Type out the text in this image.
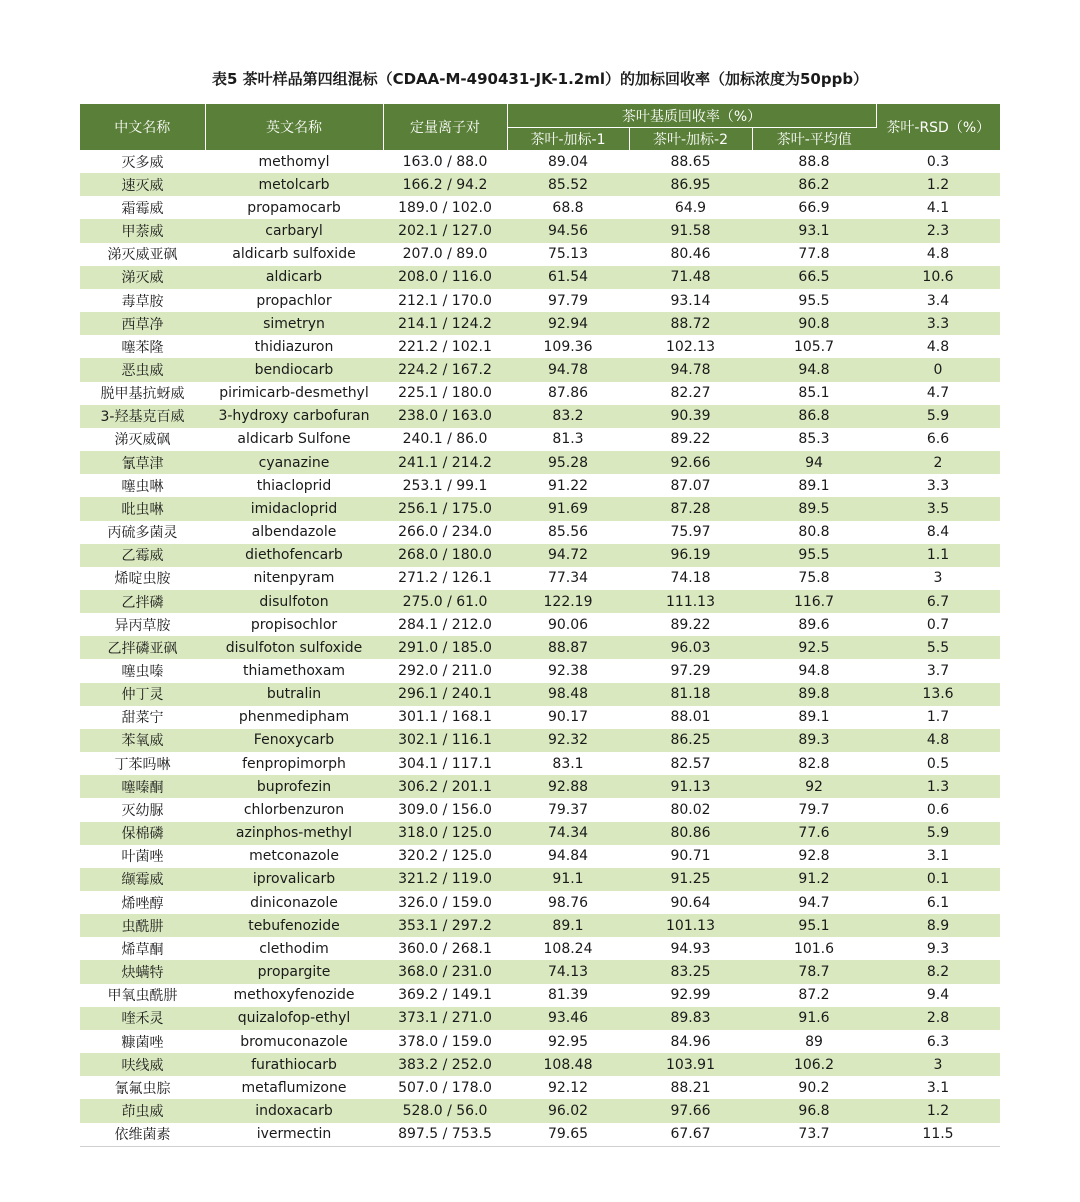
表5 茶叶样品第四组混标（CDAA-M-490431-JK-1.2ml）的加标回收率（加标浓度为50ppb）
中文名称	英文名称	定量离子对	茶叶基质回收率（%）			茶叶-RSD（%）
			茶叶-加标-1	茶叶-加标-2	茶叶-平均值	
灭多威	methomyl	163.0 / 88.0	89.04	88.65	88.8	0.3
速灭威	metolcarb	166.2 / 94.2	85.52	86.95	86.2	1.2
霜霉威	propamocarb	189.0 / 102.0	68.8	64.9	66.9	4.1
甲萘威	carbaryl	202.1 / 127.0	94.56	91.58	93.1	2.3
涕灭威亚砜	aldicarb sulfoxide	207.0 / 89.0	75.13	80.46	77.8	4.8
涕灭威	aldicarb	208.0 / 116.0	61.54	71.48	66.5	10.6
毒草胺	propachlor	212.1 / 170.0	97.79	93.14	95.5	3.4
西草净	simetryn	214.1 / 124.2	92.94	88.72	90.8	3.3
噻苯隆	thidiazuron	221.2 / 102.1	109.36	102.13	105.7	4.8
恶虫威	bendiocarb	224.2 / 167.2	94.78	94.78	94.8	0
脱甲基抗蚜威	pirimicarb-desmethyl	225.1 / 180.0	87.86	82.27	85.1	4.7
3-羟基克百威	3-hydroxy carbofuran	238.0 / 163.0	83.2	90.39	86.8	5.9
涕灭威砜	aldicarb Sulfone	240.1 / 86.0	81.3	89.22	85.3	6.6
氰草津	cyanazine	241.1 / 214.2	95.28	92.66	94	2
噻虫啉	thiacloprid	253.1 / 99.1	91.22	87.07	89.1	3.3
吡虫啉	imidacloprid	256.1 / 175.0	91.69	87.28	89.5	3.5
丙硫多菌灵	albendazole	266.0 / 234.0	85.56	75.97	80.8	8.4
乙霉威	diethofencarb	268.0 / 180.0	94.72	96.19	95.5	1.1
烯啶虫胺	nitenpyram	271.2 / 126.1	77.34	74.18	75.8	3
乙拌磷	disulfoton	275.0 / 61.0	122.19	111.13	116.7	6.7
异丙草胺	propisochlor	284.1 / 212.0	90.06	89.22	89.6	0.7
乙拌磷亚砜	disulfoton sulfoxide	291.0 / 185.0	88.87	96.03	92.5	5.5
噻虫嗪	thiamethoxam	292.0 / 211.0	92.38	97.29	94.8	3.7
仲丁灵	butralin	296.1 / 240.1	98.48	81.18	89.8	13.6
甜菜宁	phenmedipham	301.1 / 168.1	90.17	88.01	89.1	1.7
苯氧威	Fenoxycarb	302.1 / 116.1	92.32	86.25	89.3	4.8
丁苯吗啉	fenpropimorph	304.1 / 117.1	83.1	82.57	82.8	0.5
噻嗪酮	buprofezin	306.2 / 201.1	92.88	91.13	92	1.3
灭幼脲	chlorbenzuron	309.0 / 156.0	79.37	80.02	79.7	0.6
保棉磷	azinphos-methyl	318.0 / 125.0	74.34	80.86	77.6	5.9
叶菌唑	metconazole	320.2 / 125.0	94.84	90.71	92.8	3.1
缬霉威	iprovalicarb	321.2 / 119.0	91.1	91.25	91.2	0.1
烯唑醇	diniconazole	326.0 / 159.0	98.76	90.64	94.7	6.1
虫酰肼	tebufenozide	353.1 / 297.2	89.1	101.13	95.1	8.9
烯草酮	clethodim	360.0 / 268.1	108.24	94.93	101.6	9.3
炔螨特	propargite	368.0 / 231.0	74.13	83.25	78.7	8.2
甲氧虫酰肼	methoxyfenozide	369.2 / 149.1	81.39	92.99	87.2	9.4
喹禾灵	quizalofop-ethyl	373.1 / 271.0	93.46	89.83	91.6	2.8
糠菌唑	bromuconazole	378.0 / 159.0	92.95	84.96	89	6.3
呋线威	furathiocarb	383.2 / 252.0	108.48	103.91	106.2	3
氰氟虫腙	metaflumizone	507.0 / 178.0	92.12	88.21	90.2	3.1
茚虫威	indoxacarb	528.0 / 56.0	96.02	97.66	96.8	1.2
依维菌素	ivermectin	897.5 / 753.5	79.65	67.67	73.7	11.5
